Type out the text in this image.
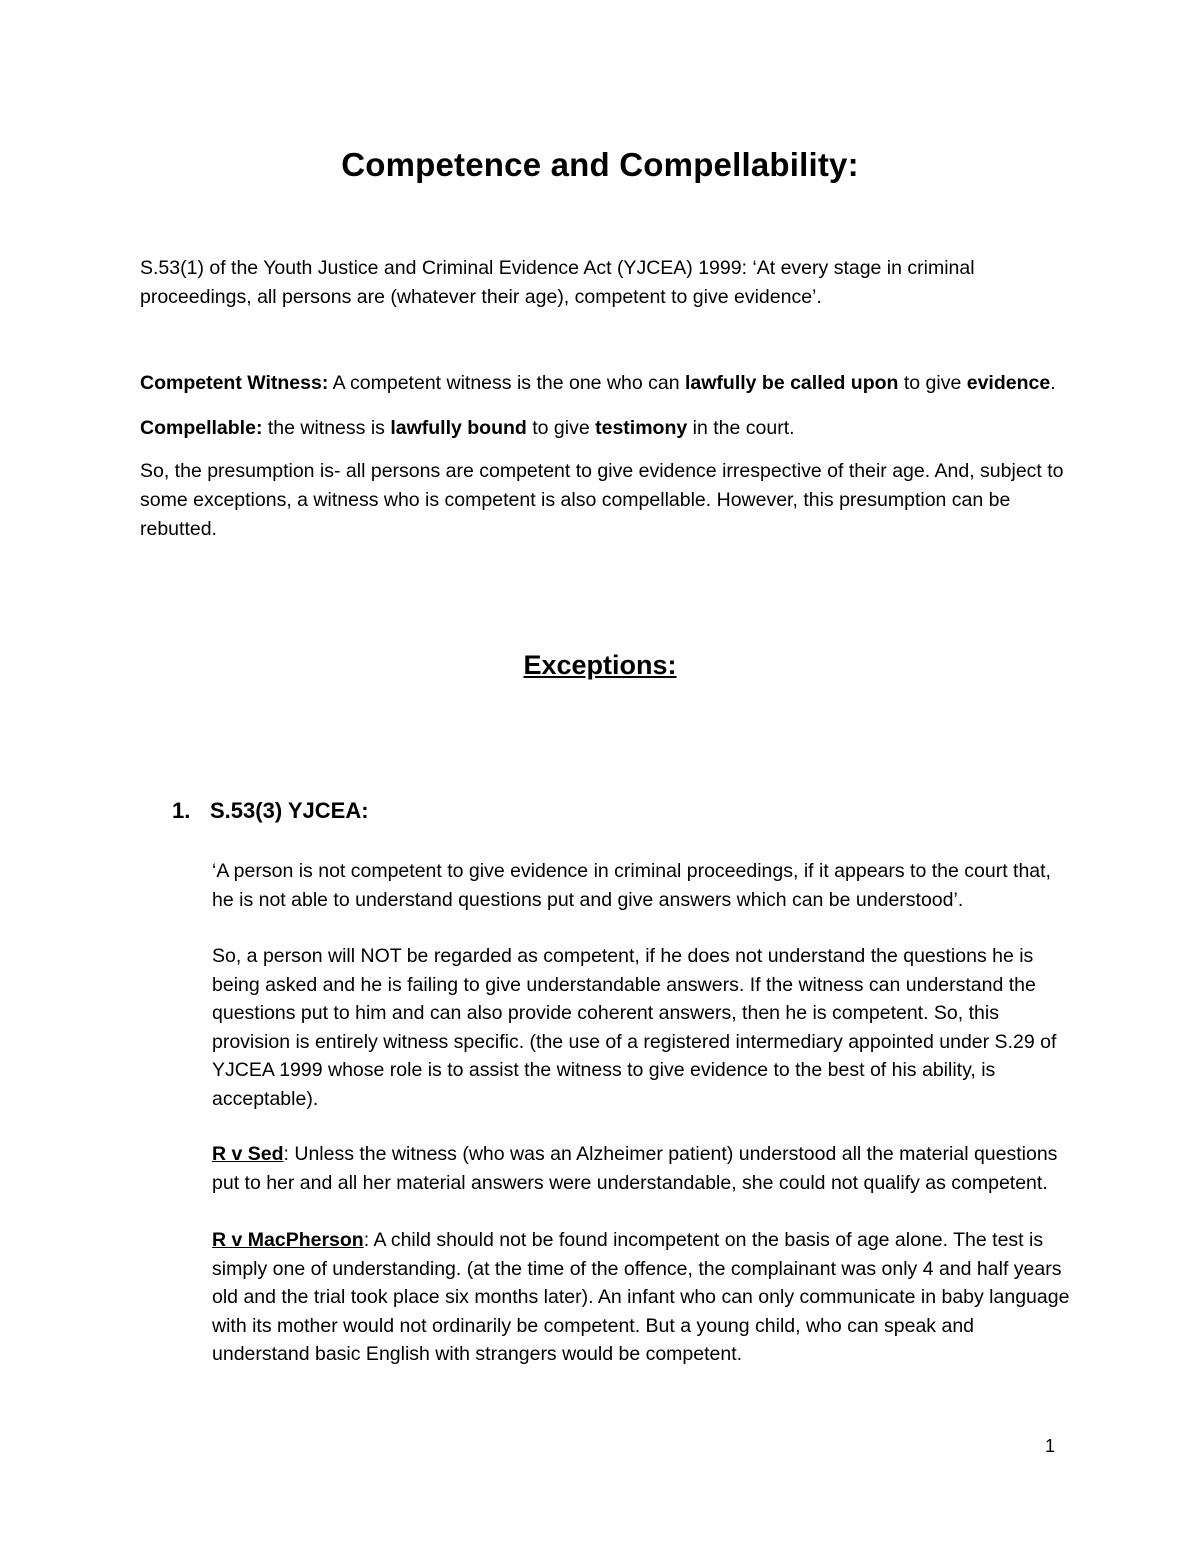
Competence and Compellability:
S.53(1) of the Youth Justice and Criminal Evidence Act (YJCEA) 1999: ‘At every stage in criminal proceedings, all persons are (whatever their age), competent to give evidence’.
Competent Witness: A competent witness is the one who can lawfully be called upon to give evidence.
Compellable: the witness is lawfully bound to give testimony in the court.
So, the presumption is- all persons are competent to give evidence irrespective of their age. And, subject to some exceptions, a witness who is competent is also compellable. However, this presumption can be rebutted.
Exceptions:
1. S.53(3) YJCEA:
‘A person is not competent to give evidence in criminal proceedings, if it appears to the court that, he is not able to understand questions put and give answers which can be understood’.
So, a person will NOT be regarded as competent, if he does not understand the questions he is being asked and he is failing to give understandable answers. If the witness can understand the questions put to him and can also provide coherent answers, then he is competent. So, this provision is entirely witness specific. (the use of a registered intermediary appointed under S.29 of YJCEA 1999 whose role is to assist the witness to give evidence to the best of his ability, is acceptable).
R v Sed: Unless the witness (who was an Alzheimer patient) understood all the material questions put to her and all her material answers were understandable, she could not qualify as competent.
R v MacPherson: A child should not be found incompetent on the basis of age alone. The test is simply one of understanding. (at the time of the offence, the complainant was only 4 and half years old and the trial took place six months later). An infant who can only communicate in baby language with its mother would not ordinarily be competent. But a young child, who can speak and understand basic English with strangers would be competent.
1
